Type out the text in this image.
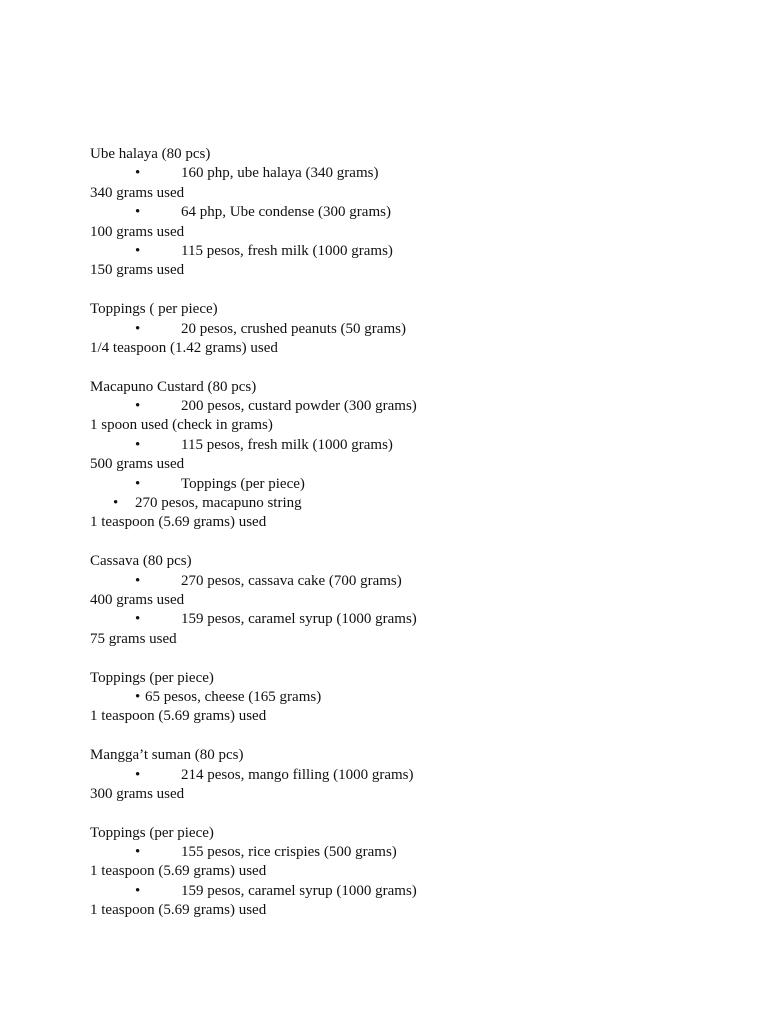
Ube halaya (80 pcs)
•	160 php, ube halaya (340 grams)
340 grams used
•	64 php, Ube condense (300 grams)
100 grams used
•	115 pesos, fresh milk (1000 grams)
150 grams used
Toppings ( per piece)
•	20 pesos, crushed peanuts (50 grams)
1/4 teaspoon (1.42 grams) used
Macapuno Custard (80 pcs)
•	200 pesos, custard powder (300 grams)
1 spoon used (check in grams)
•	115 pesos, fresh milk (1000 grams)
500 grams used
•	Toppings (per piece)
• 270 pesos, macapuno string
1 teaspoon (5.69 grams) used
Cassava (80 pcs)
•	270 pesos, cassava cake (700 grams)
400 grams used
•	159 pesos, caramel syrup (1000 grams)
75 grams used
Toppings (per piece)
• 65 pesos, cheese (165 grams)
1 teaspoon (5.69 grams) used
Mangga’t suman (80 pcs)
•	214 pesos, mango filling (1000 grams)
300 grams used
Toppings (per piece)
•	155 pesos, rice crispies (500 grams)
1 teaspoon (5.69 grams) used
•	159 pesos, caramel syrup (1000 grams)
1 teaspoon (5.69 grams) used
